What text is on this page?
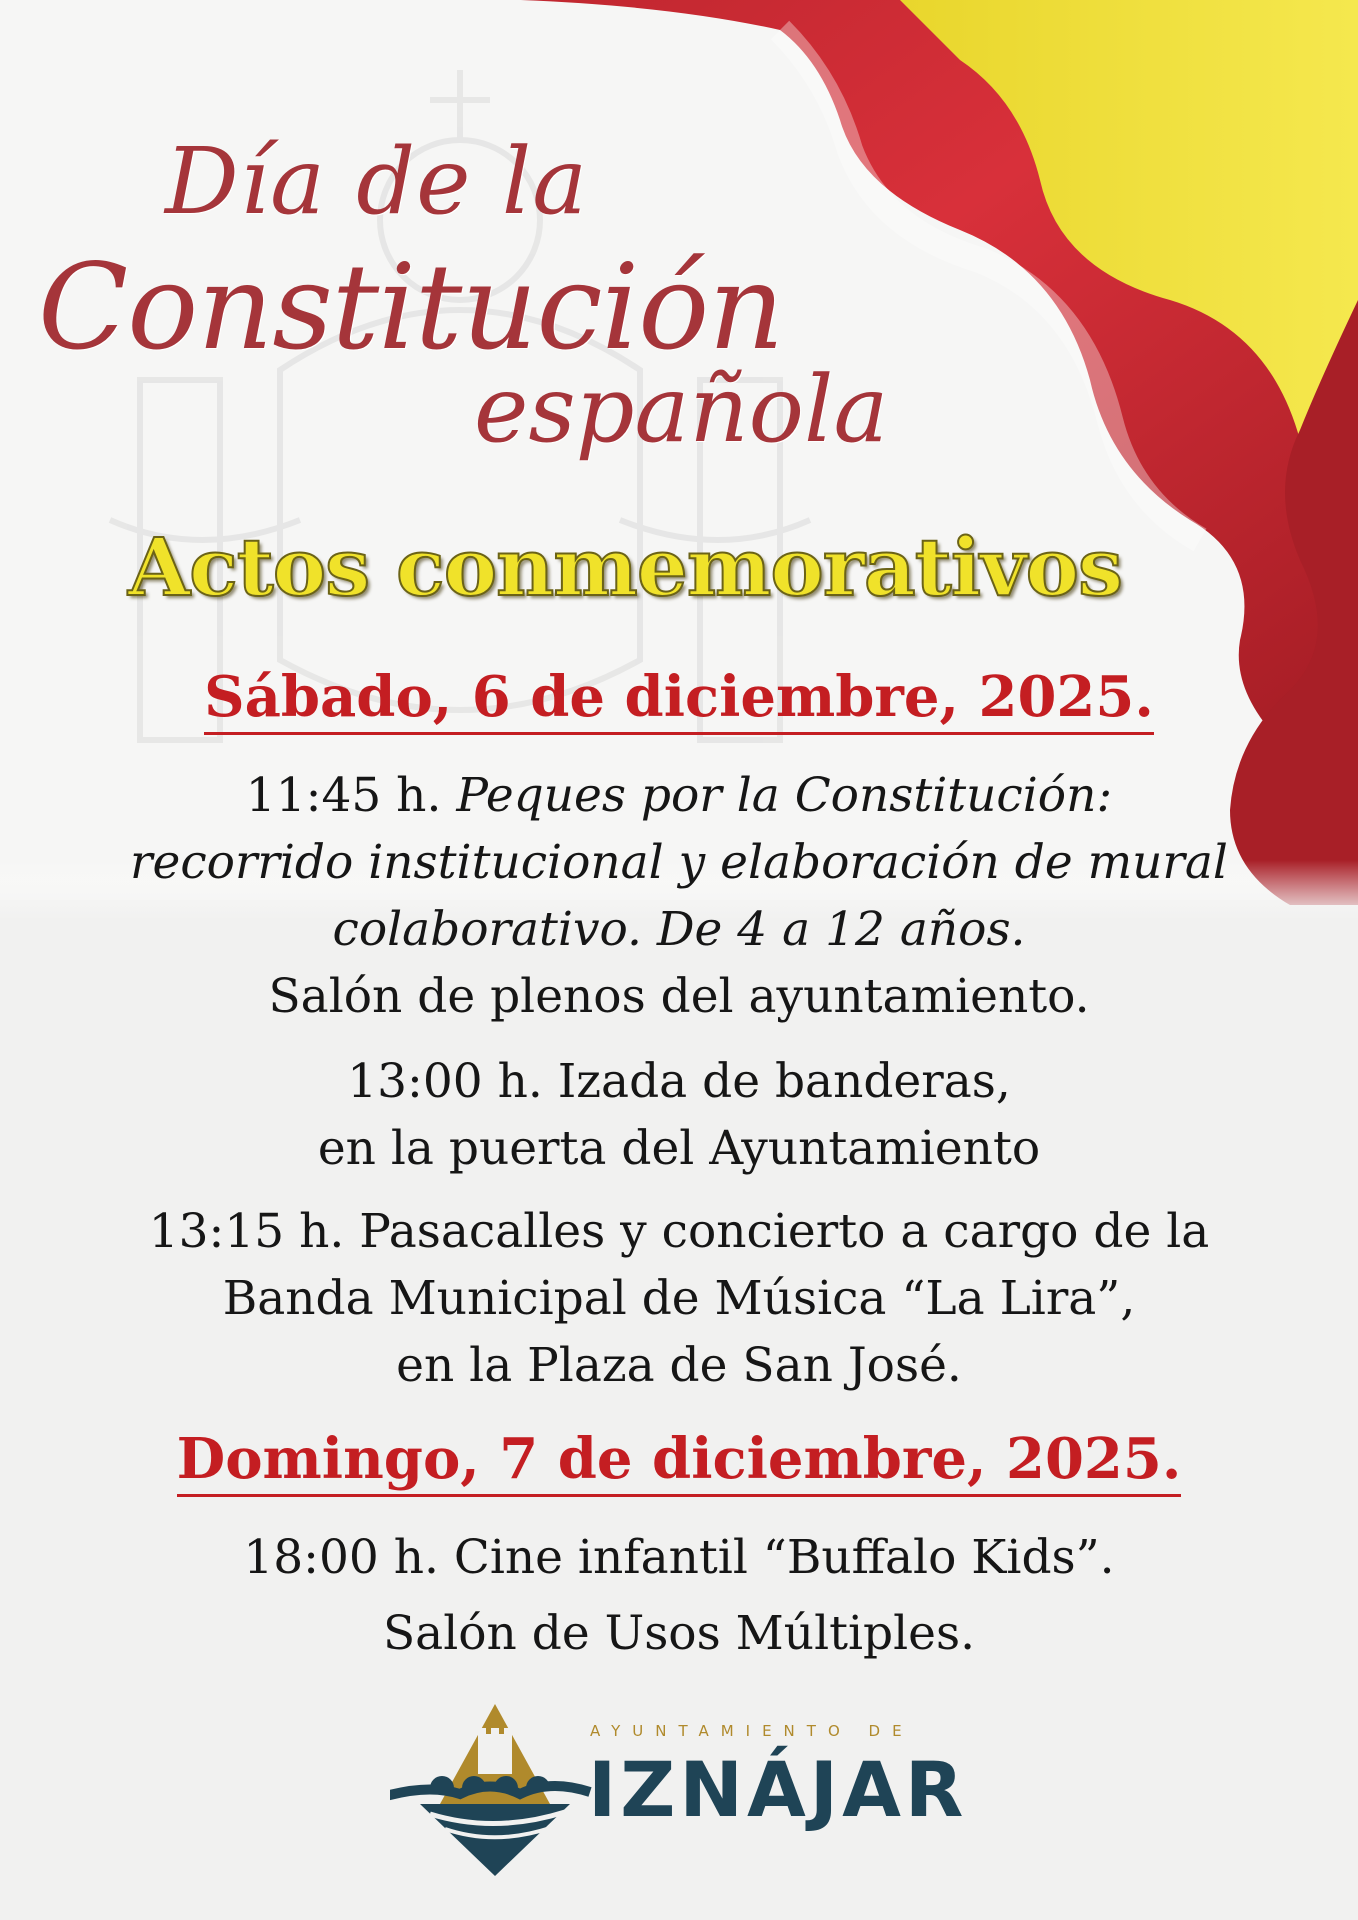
Día de la
Constitución
española
Actos conmemorativos
Sábado, 6 de diciembre, 2025.
11:45 h. Peques por la Constitución:
recorrido institucional y elaboración de mural
colaborativo. De 4 a 12 años.
Salón de plenos del ayuntamiento.
13:00 h. Izada de banderas,
en la puerta del Ayuntamiento
13:15 h. Pasacalles y concierto a cargo de la
Banda Municipal de Música “La Lira”,
en la Plaza de San José.
Domingo, 7 de diciembre, 2025.
18:00 h. Cine infantil “Buffalo Kids”.
Salón de Usos Múltiples.
AYUNTAMIENTO DE
IZNÁJAR
